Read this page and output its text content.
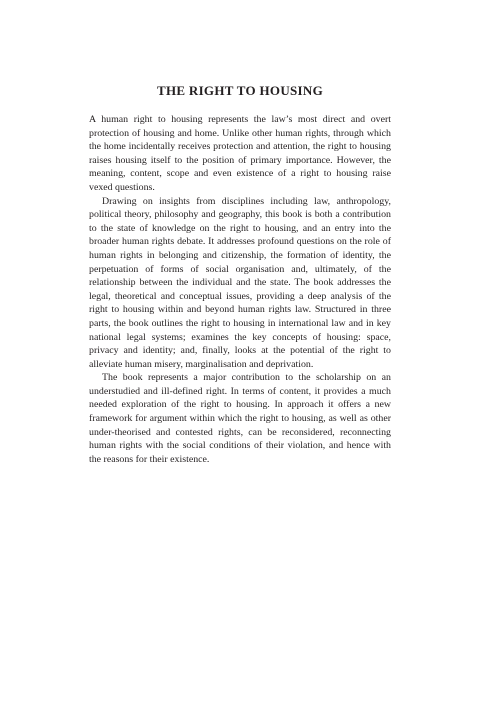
THE RIGHT TO HOUSING

A human right to housing represents the law’s most direct and overt protection of housing and home. Unlike other human rights, through which the home incidentally receives protection and attention, the right to housing raises housing itself to the position of primary importance. However, the meaning, content, scope and even existence of a right to housing raise vexed questions.

Drawing on insights from disciplines including law, anthropology, political theory, philosophy and geography, this book is both a contribution to the state of knowledge on the right to housing, and an entry into the broader human rights debate. It addresses profound questions on the role of human rights in belonging and citizenship, the formation of identity, the perpetuation of forms of social organisation and, ultimately, of the relationship between the individual and the state. The book addresses the legal, theoretical and conceptual issues, providing a deep analysis of the right to housing within and beyond human rights law. Structured in three parts, the book outlines the right to housing in international law and in key national legal systems; examines the key concepts of housing: space, privacy and identity; and, finally, looks at the potential of the right to alleviate human misery, marginalisation and deprivation.

The book represents a major contribution to the scholarship on an understudied and ill-defined right. In terms of content, it provides a much needed exploration of the right to housing. In approach it offers a new framework for argument within which the right to housing, as well as other under-theorised and contested rights, can be reconsidered, reconnecting human rights with the social conditions of their violation, and hence with the reasons for their existence.
